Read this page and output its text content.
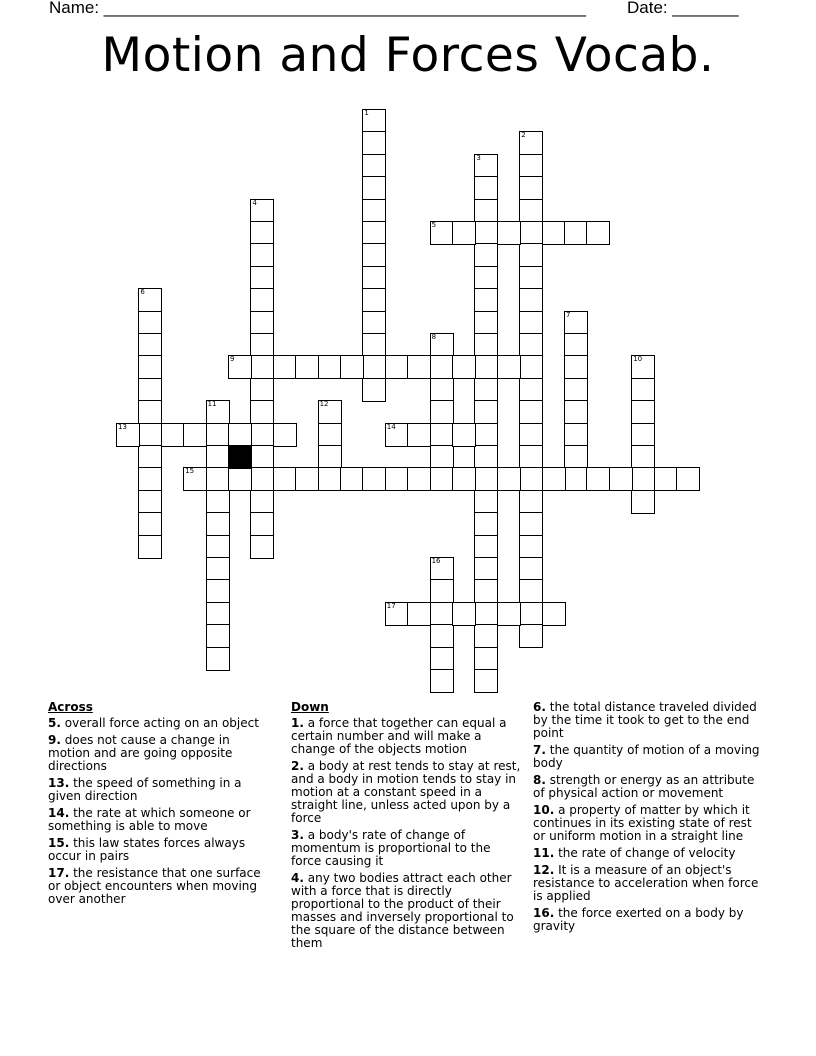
Name: ___________________________________________________ Date: _______
Motion and Forces Vocab.
1
2
3
4
5
6
7
8
9	10
11	12
13	14
15
16
17
Across
5. overall force acting on an object
9. does not cause a change in motion and are going opposite directions
13. the speed of something in a given direction
14. the rate at which someone or something is able to move
15. this law states forces always occur in pairs
17. the resistance that one surface or object encounters when moving over another
Down
1. a force that together can equal a certain number and will make a change of the objects motion
2. a body at rest tends to stay at rest, and a body in motion tends to stay in motion at a constant speed in a straight line, unless acted upon by a force
3. a body's rate of change of momentum is proportional to the force causing it
4. any two bodies attract each other with a force that is directly proportional to the product of their masses and inversely proportional to the square of the distance between them
6. the total distance traveled divided by the time it took to get to the end point
7. the quantity of motion of a moving body
8. strength or energy as an attribute of physical action or movement
10. a property of matter by which it continues in its existing state of rest or uniform motion in a straight line
11. the rate of change of velocity
12. It is a measure of an object's resistance to acceleration when force is applied
16. the force exerted on a body by gravity
